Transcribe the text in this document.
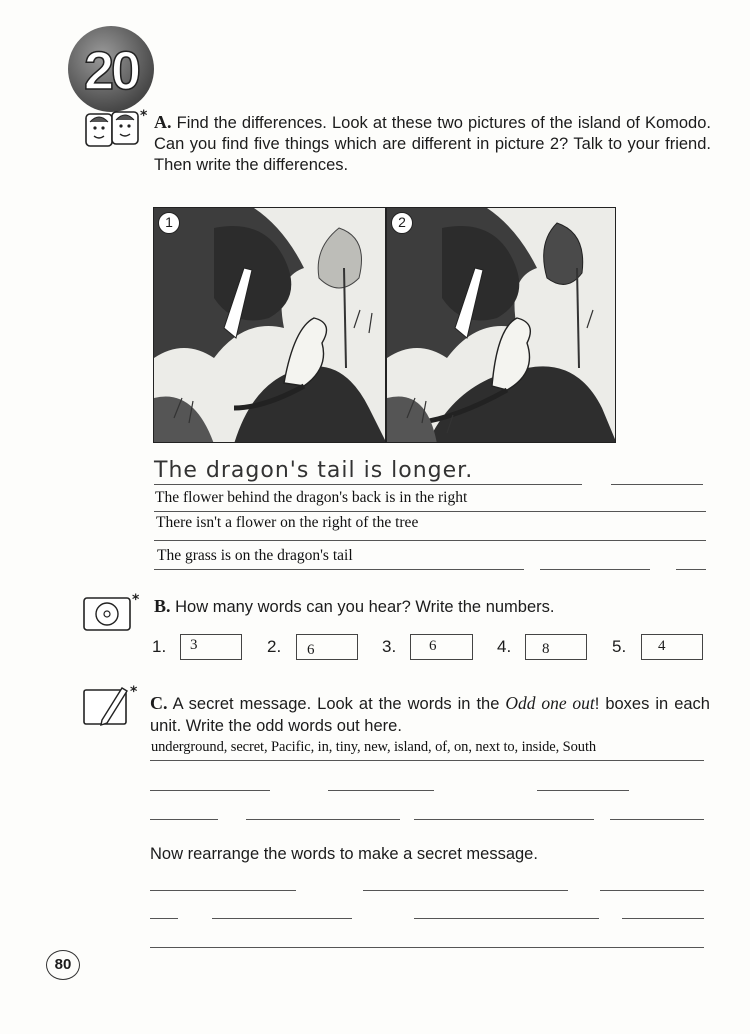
20
* A. Find the differences. Look at these two pictures of the island of Komodo. Can you find five things which are different in picture 2? Talk to your friend. Then write the differences.
1	2
The dragon's tail is longer.
The flower behind the dragon's back is in the right
There isn't a flower on the right of the tree
The grass is on the dragon's tail
* B. How many words can you hear? Write the numbers.
1. 3	2. 6	3. 6	4. 8	5. 4
*
C. A secret message. Look at the words in the Odd one out! boxes in each unit. Write the odd words out here.
underground, secret, Pacific, in, tiny, new, island, of, on, next to, inside, South
Now rearrange the words to make a secret message.
80
